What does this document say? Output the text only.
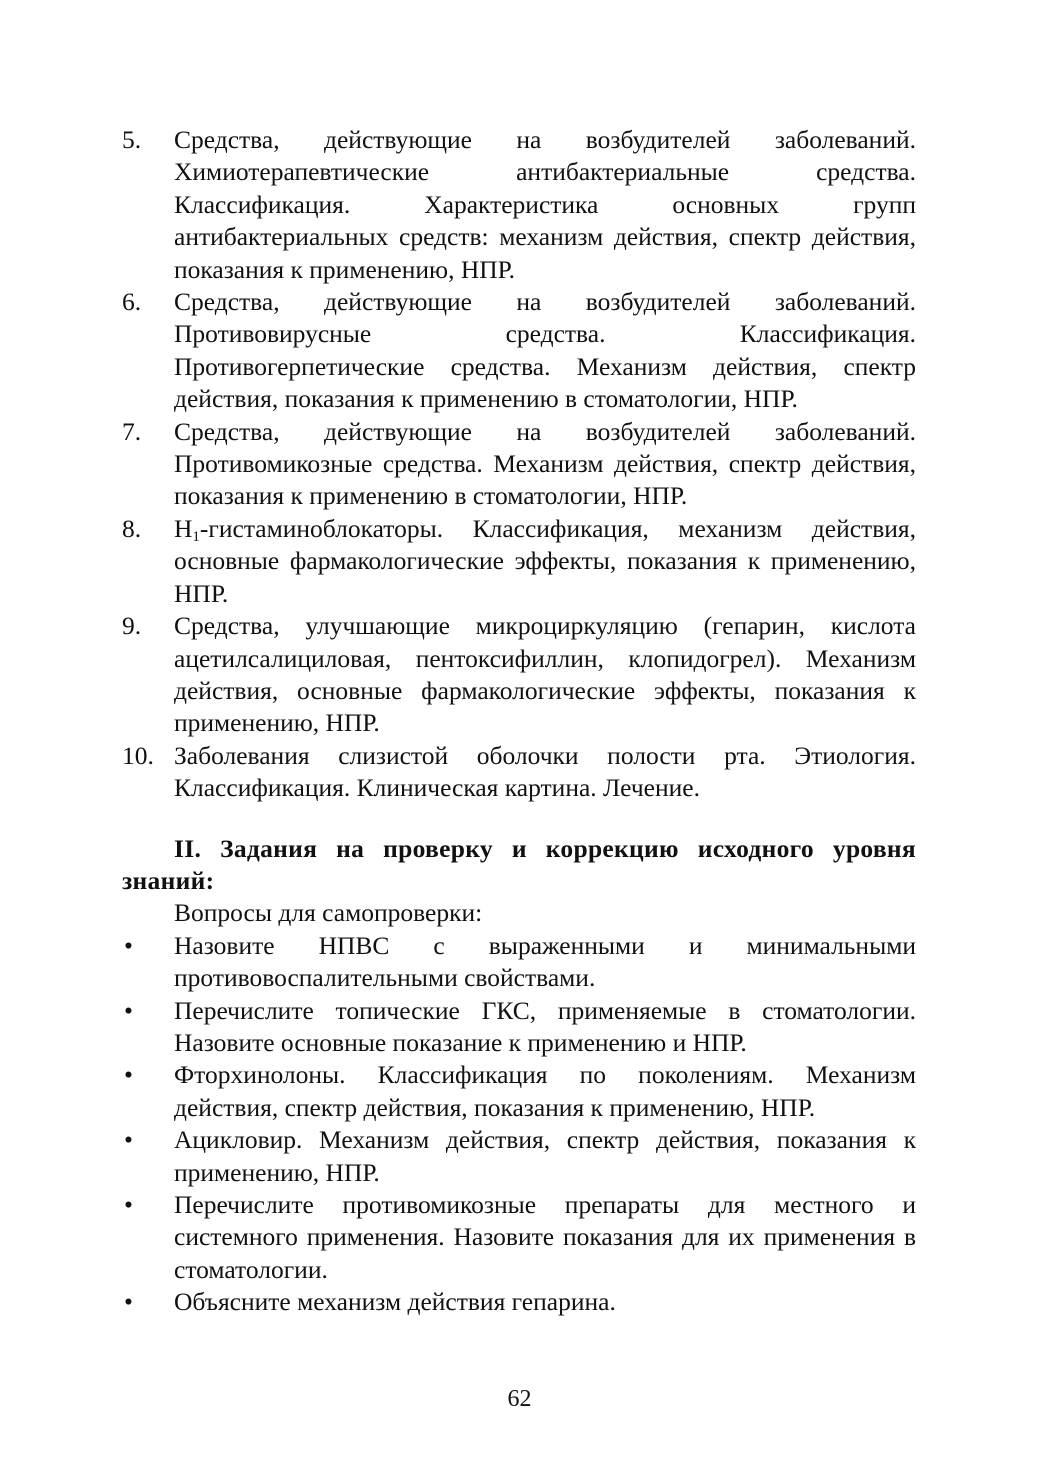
5. Средства, действующие на возбудителей заболеваний. Химиотерапевтические антибактериальные средства. Классификация. Характеристика основных групп антибактериальных средств: механизм действия, спектр действия, показания к применению, НПР.
6. Средства, действующие на возбудителей заболеваний. Противовирусные средства. Классификация. Противогерпетические средства. Механизм действия, спектр действия, показания к применению в стоматологии, НПР.
7. Средства, действующие на возбудителей заболеваний. Противомикозные средства. Механизм действия, спектр действия, показания к применению в стоматологии, НПР.
8. $Н_1$-гистаминоблокаторы. Классификация, механизм действия, основные фармакологические эффекты, показания к применению, НПР.
9. Средства, улучшающие микроциркуляцию (гепарин, кислота ацетилсалициловая, пентоксифиллин, клопидогрел). Механизм действия, основные фармакологические эффекты, показания к применению, НПР.
10. Заболевания слизистой оболочки полости рта. Этиология. Классификация. Клиническая картина. Лечение.
II. Задания на проверку и коррекцию исходного уровня знаний:
Вопросы для самопроверки:
• Назовите НПВС с выраженными и минимальными противовоспалительными свойствами.
• Перечислите топические ГКС, применяемые в стоматологии. Назовите основные показание к применению и НПР.
• Фторхинолоны. Классификация по поколениям. Механизм действия, спектр действия, показания к применению, НПР.
• Ацикловир. Механизм действия, спектр действия, показания к применению, НПР.
• Перечислите противомикозные препараты для местного и системного применения. Назовите показания для их применения в стоматологии.
• Объясните механизм действия гепарина.
62
